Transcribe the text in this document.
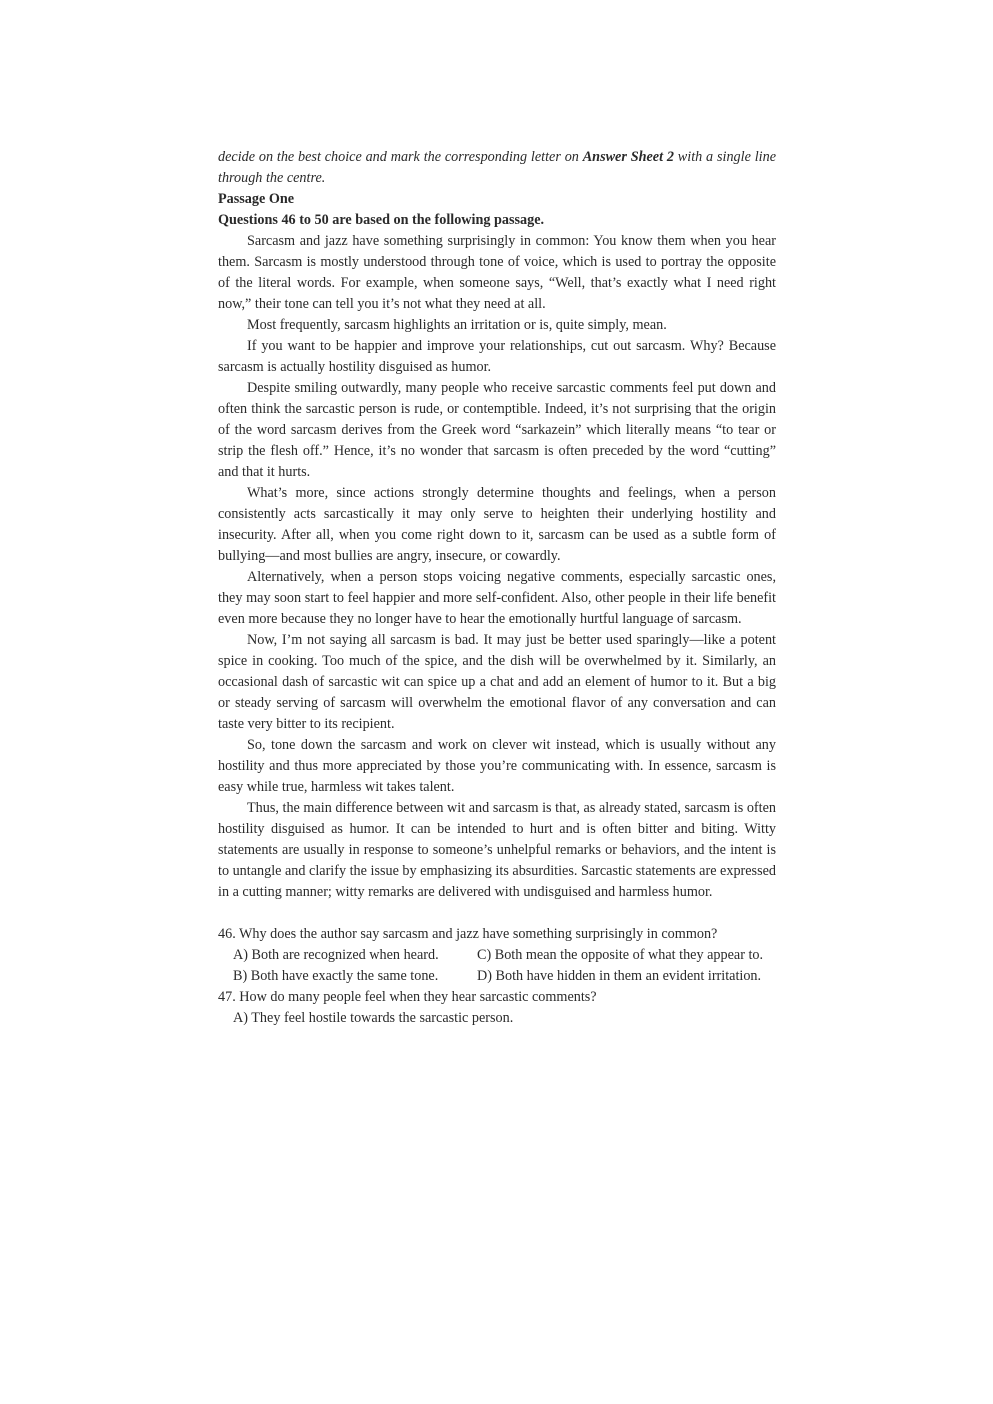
decide on the best choice and mark the corresponding letter on Answer Sheet 2 with a single line through the centre.

Passage One

Questions 46 to 50 are based on the following passage.

Sarcasm and jazz have something surprisingly in common: You know them when you hear them. Sarcasm is mostly understood through tone of voice, which is used to portray the opposite of the literal words. For example, when someone says, “Well, that’s exactly what I need right now,” their tone can tell you it’s not what they need at all.

Most frequently, sarcasm highlights an irritation or is, quite simply, mean.

If you want to be happier and improve your relationships, cut out sarcasm. Why? Because sarcasm is actually hostility disguised as humor.

Despite smiling outwardly, many people who receive sarcastic comments feel put down and often think the sarcastic person is rude, or contemptible. Indeed, it’s not surprising that the origin of the word sarcasm derives from the Greek word “sarkazein” which literally means “to tear or strip the flesh off.” Hence, it’s no wonder that sarcasm is often preceded by the word “cutting” and that it hurts.

What’s more, since actions strongly determine thoughts and feelings, when a person consistently acts sarcastically it may only serve to heighten their underlying hostility and insecurity. After all, when you come right down to it, sarcasm can be used as a subtle form of bullying—and most bullies are angry, insecure, or cowardly.

Alternatively, when a person stops voicing negative comments, especially sarcastic ones, they may soon start to feel happier and more self-confident. Also, other people in their life benefit even more because they no longer have to hear the emotionally hurtful language of sarcasm.

Now, I’m not saying all sarcasm is bad. It may just be better used sparingly—like a potent spice in cooking. Too much of the spice, and the dish will be overwhelmed by it. Similarly, an occasional dash of sarcastic wit can spice up a chat and add an element of humor to it. But a big or steady serving of sarcasm will overwhelm the emotional flavor of any conversation and can taste very bitter to its recipient.

So, tone down the sarcasm and work on clever wit instead, which is usually without any hostility and thus more appreciated by those you’re communicating with. In essence, sarcasm is easy while true, harmless wit takes talent.

Thus, the main difference between wit and sarcasm is that, as already stated, sarcasm is often hostility disguised as humor. It can be intended to hurt and is often bitter and biting. Witty statements are usually in response to someone’s unhelpful remarks or behaviors, and the intent is to untangle and clarify the issue by emphasizing its absurdities. Sarcastic statements are expressed in a cutting manner; witty remarks are delivered with undisguised and harmless humor.

46. Why does the author say sarcasm and jazz have something surprisingly in common?

A) Both are recognized when heard.	C) Both mean the opposite of what they appear to.
B) Both have exactly the same tone.	D) Both have hidden in them an evident irritation.

47. How do many people feel when they hear sarcastic comments?

A) They feel hostile towards the sarcastic person.
